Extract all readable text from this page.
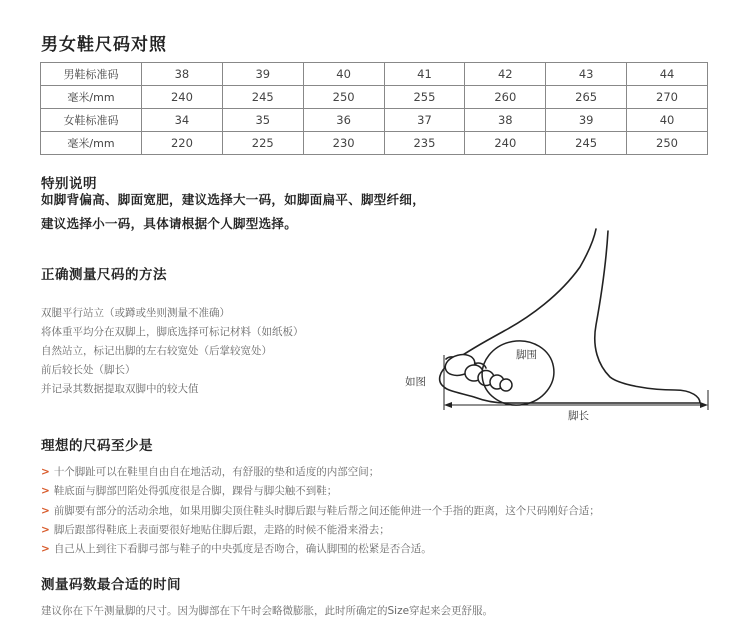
男女鞋尺码对照
男鞋标准码	38	39	40	41	42	43	44
毫米/mm	240	245	250	255	260	265	270
女鞋标准码	34	35	36	37	38	39	40
毫米/mm	220	225	230	235	240	245	250
特别说明
如脚背偏高、脚面宽肥，建议选择大一码，如脚面扁平、脚型纤细，
建议选择小一码，具体请根据个人脚型选择。
正确测量尺码的方法
双腿平行站立（或蹲或坐则测量不准确）
将体重平均分在双脚上，脚底选择可标记材料（如纸板）
自然站立，标记出脚的左右较宽处（后掌较宽处）
前后较长处（脚长）
并记录其数据提取双脚中的较大值
脚围
如图
脚长
理想的尺码至少是
> 十个脚趾可以在鞋里自由自在地活动，有舒服的垫和适度的内部空间；
> 鞋底面与脚部凹陷处得弧度很是合脚，踝骨与脚尖触不到鞋；
> 前脚要有部分的活动余地，如果用脚尖顶住鞋头时脚后跟与鞋后帮之间还能伸进一个手指的距离，这个尺码刚好合适；
> 脚后跟部得鞋底上表面要很好地贴住脚后跟，走路的时候不能滑来滑去；
> 自己从上到往下看脚弓部与鞋子的中央弧度是否吻合，确认脚围的松紧是否合适。
测量码数最合适的时间
建议你在下午测量脚的尺寸。因为脚部在下午时会略微膨胀，此时所确定的Size穿起来会更舒服。
